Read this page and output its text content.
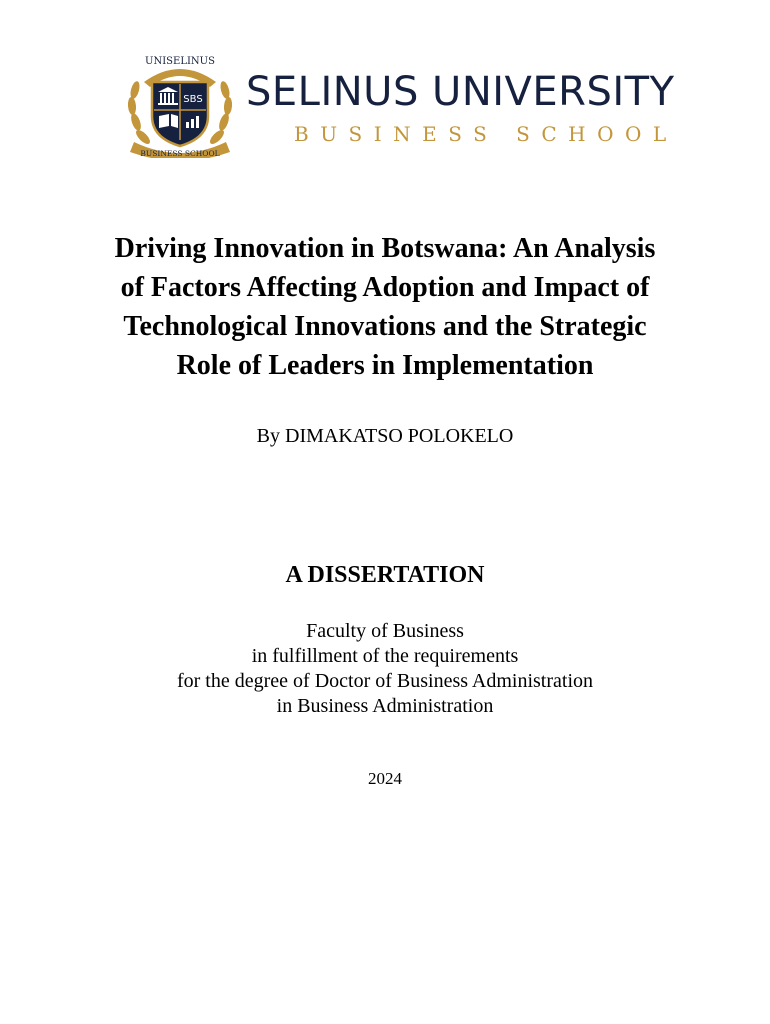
UNISELINUS
SBS
BUSINESS SCHOOL
SELINUS UNIVERSITY
BUSINESS SCHOOL
Driving Innovation in Botswana: An Analysis
of Factors Affecting Adoption and Impact of
Technological Innovations and the Strategic
Role of Leaders in Implementation
By DIMAKATSO POLOKELO
A DISSERTATION
Faculty of Business
in fulfillment of the requirements
for the degree of Doctor of Business Administration
in Business Administration
2024
